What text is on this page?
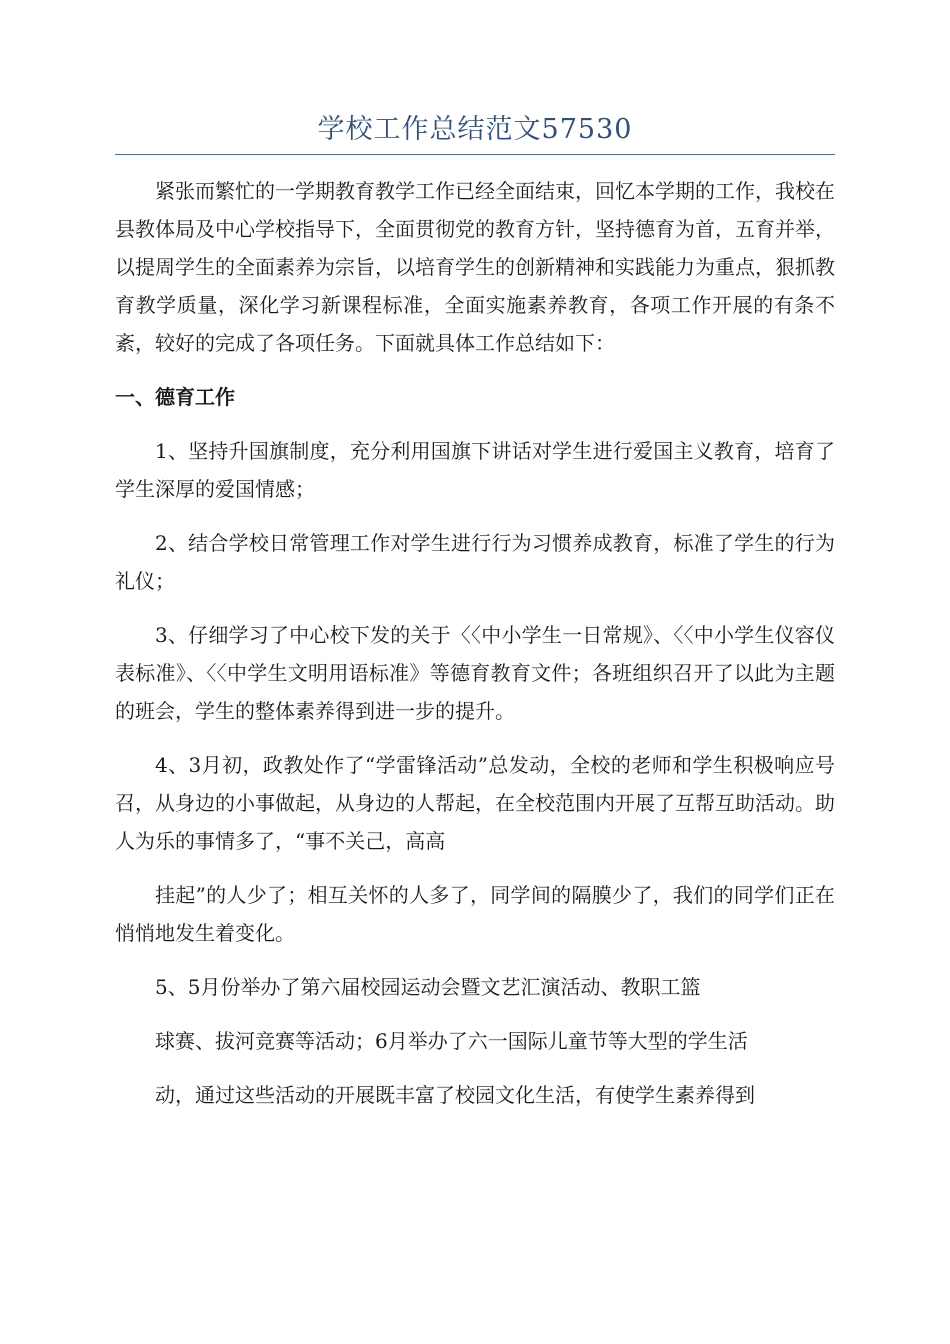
学校工作总结范文57530

紧张而繁忙的一学期教育教学工作已经全面结束，回忆本学期的工作，我校在县教体局及中心学校指导下，全面贯彻党的教育方针，坚持德育为首，五育并举，以提周学生的全面素养为宗旨，以培育学生的创新精神和实践能力为重点，狠抓教育教学质量，深化学习新课程标准，全面实施素养教育，各项工作开展的有条不紊，较好的完成了各项任务。下面就具体工作总结如下：

一、德育工作

1、坚持升国旗制度，充分利用国旗下讲话对学生进行爱国主义教育，培育了学生深厚的爱国情感；

2、结合学校日常管理工作对学生进行行为习惯养成教育，标准了学生的行为礼仪；

3、仔细学习了中心校下发的关于〈〈中小学生一日常规》、〈〈中小学生仪容仪表标准》、〈〈中学生文明用语标准》等德育教育文件；各班组织召开了以此为主题的班会，学生的整体素养得到进一步的提升。

4、3月初，政教处作了“学雷锋活动”总发动，全校的老师和学生积极响应号召，从身边的小事做起，从身边的人帮起，在全校范围内开展了互帮互助活动。助人为乐的事情多了，“事不关己，高高

挂起”的人少了；相互关怀的人多了，同学间的隔膜少了，我们的同学们正在悄悄地发生着变化。

5、5月份举办了第六届校园运动会暨文艺汇演活动、教职工篮

球赛、拔河竞赛等活动；6月举办了六一国际儿童节等大型的学生活

动，通过这些活动的开展既丰富了校园文化生活，有使学生素养得到
